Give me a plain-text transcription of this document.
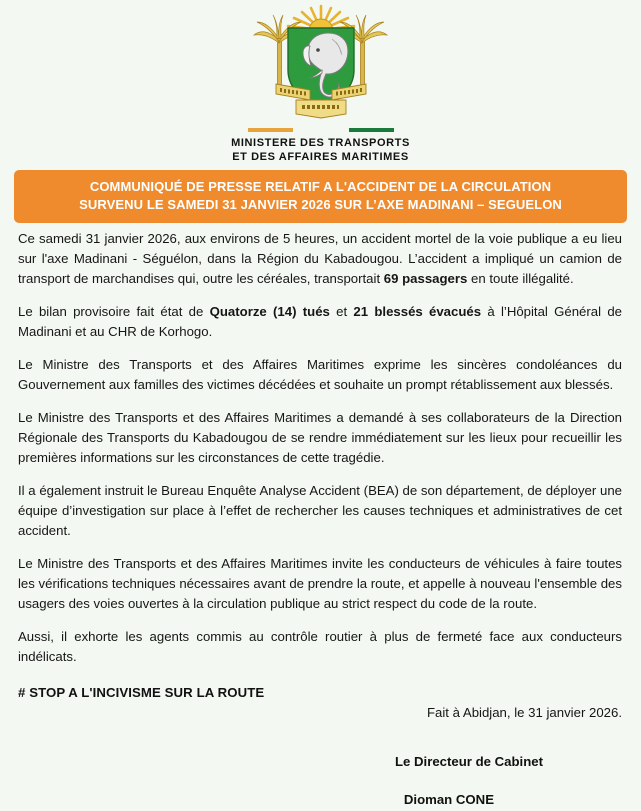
MINISTERE DES TRANSPORTS
ET DES AFFAIRES MARITIMES
COMMUNIQUÉ DE PRESSE RELATIF A L'ACCIDENT DE LA CIRCULATION
SURVENU LE SAMEDI 31 JANVIER 2026 SUR L’AXE MADINANI – SEGUELON

Ce samedi 31 janvier 2026, aux environs de 5 heures, un accident mortel de la voie publique a eu lieu sur l'axe Madinani - Séguélon, dans la Région du Kabadougou. L’accident a impliqué un camion de transport de marchandises qui, outre les céréales, transportait 69 passagers en toute illégalité.

Le bilan provisoire fait état de Quatorze (14) tués et 21 blessés évacués à l’Hôpital Général de Madinani et au CHR de Korhogo.

Le Ministre des Transports et des Affaires Maritimes exprime les sincères condoléances du Gouvernement aux familles des victimes décédées et souhaite un prompt rétablissement aux blessés.

Le Ministre des Transports et des Affaires Maritimes a demandé à ses collaborateurs de la Direction Régionale des Transports du Kabadougou de se rendre immédiatement sur les lieux pour recueillir les premières informations sur les circonstances de cette tragédie.

Il a également instruit le Bureau Enquête Analyse Accident (BEA) de son département, de déployer une équipe d’investigation sur place à l’effet de rechercher les causes techniques et administratives de cet accident.

Le Ministre des Transports et des Affaires Maritimes invite les conducteurs de véhicules à faire toutes les vérifications techniques nécessaires avant de prendre la route, et appelle à nouveau l'ensemble des usagers des voies ouvertes à la circulation publique au strict respect du code de la route.

Aussi, il exhorte les agents commis au contrôle routier à plus de fermeté face aux conducteurs indélicats.

# STOP A L'INCIVISME SUR LA ROUTE
Fait à Abidjan, le 31 janvier 2026.
Le Directeur de Cabinet
Dioman CONE
